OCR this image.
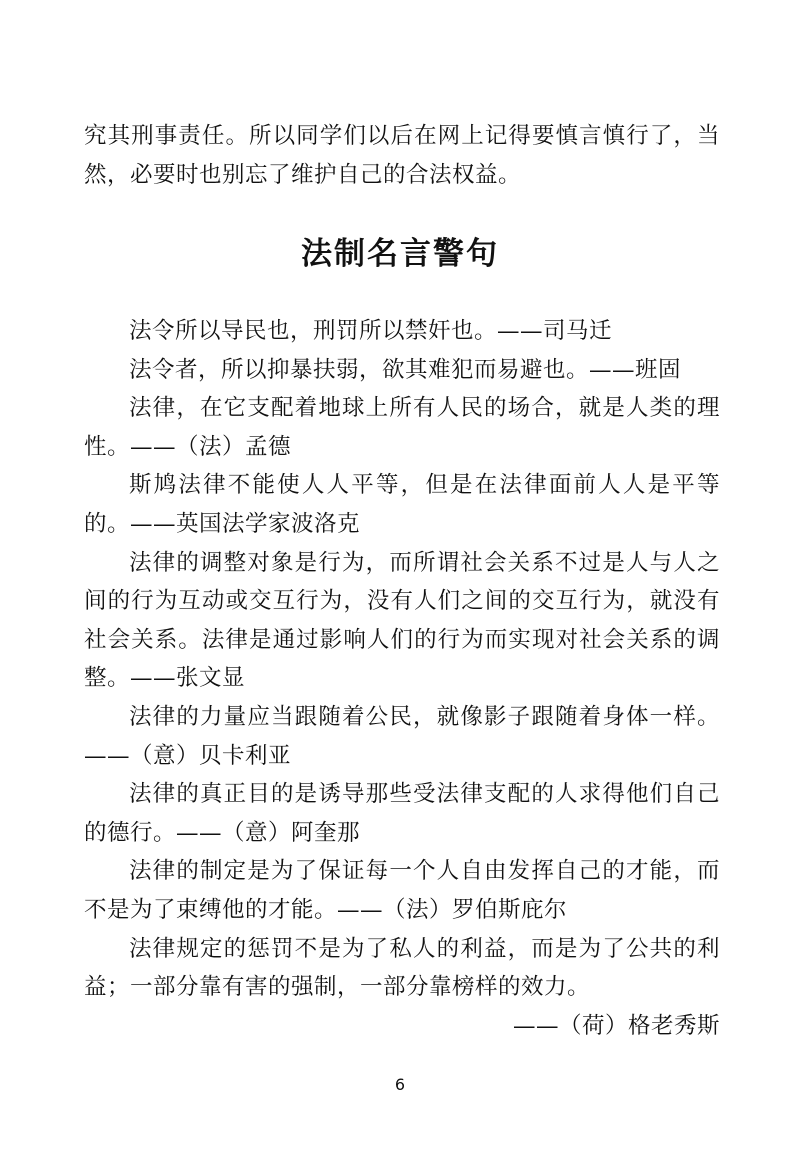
究其刑事责任。所以同学们以后在网上记得要慎言慎行了，当然，必要时也别忘了维护自己的合法权益。

法制名言警句

法令所以导民也，刑罚所以禁奸也。——司马迁

法令者，所以抑暴扶弱，欲其难犯而易避也。——班固

法律，在它支配着地球上所有人民的场合，就是人类的理性。——（法）孟德

斯鸠法律不能使人人平等，但是在法律面前人人是平等的。——英国法学家波洛克

法律的调整对象是行为，而所谓社会关系不过是人与人之间的行为互动或交互行为，没有人们之间的交互行为，就没有社会关系。法律是通过影响人们的行为而实现对社会关系的调整。——张文显

法律的力量应当跟随着公民，就像影子跟随着身体一样。——（意）贝卡利亚

法律的真正目的是诱导那些受法律支配的人求得他们自己的德行。——（意）阿奎那

法律的制定是为了保证每一个人自由发挥自己的才能，而不是为了束缚他的才能。——（法）罗伯斯庇尔

法律规定的惩罚不是为了私人的利益，而是为了公共的利益；一部分靠有害的强制，一部分靠榜样的效力。

——（荷）格老秀斯

6
